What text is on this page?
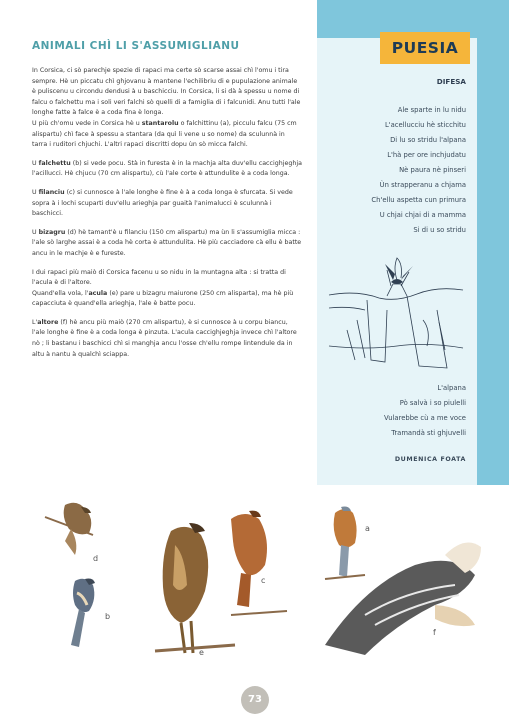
ANIMALI CHÌ LI S'ASSUMIGLIANU

In Corsica, ci sò parechje spezie di rapaci ma certe sò scarse assai chì l'omu i tira sempre. Hè un piccatu chì ghjovanu à mantene l'echilibriu di e pupulazione animale è puliscenu u circondu dendusi à u baschicciu. In Corsica, li si dà à spessu u nome di falcu o falchettu ma i soli veri falchi sò quelli di a famiglia di i falcunidi. Anu tutti l'ale longhe fatte à falce è a coda fina è longa.

U più ch'omu vede in Corsica hè u stantarolu o falchittinu (a), picculu falcu (75 cm alispartu) chì face à spessu a stantara (da quì li vene u so nome) da sculunnà in tarra i ruditori chjuchi. L'altri rapaci discritti dopu ùn sò micca falchi.

U falchettu (b) si vede pocu. Stà in furesta è in la machja alta duv'ellu caccighjeghja l'acillucci. Hè chjucu (70 cm alispartu), cù l'ale corte è attundulite è a coda longa.

U filanciu (c) si cunnosce à l'ale longhe è fine è à a coda longa è sfurcata. Si vede sopra à i lochi scuparti duv'ellu arieghja par guaità l'animalucci è sculunnà i baschicci.

U bizagru (d) hè tamant'è u filanciu (150 cm alispartu) ma ùn li s'assumiglia micca : l'ale sò larghe assai è a coda hè corta è attundulita. Hè più cacciadore cà ellu è batte ancu in le machje è e fureste.

I dui rapaci più maiò di Corsica facenu u so nidu in la muntagna alta : si tratta di l'acula è di l'altore.

Quand'ella vola, l'acula (e) pare u bizagru maiurone (250 cm alisparta), ma hè più capacciuta è quand'ella arieghja, l'ale è batte pocu.

L'altore (f) hè ancu più maiò (270 cm alispartu), è si cunnosce à u corpu biancu, l'ale longhe è fine è a coda longa è pinzuta. L'acula caccighjeghja invece chì l'altore nò ; li bastanu i baschicci chì si manghja ancu l'osse ch'ellu rompe lintendule da in altu à nantu à qualchì sciappa.

PUESIA
DIFESA
Ale sparte in lu nidu
L'acellucciu hè sticchitu
Di lu so stridu l'alpana
L'hà per ore inchjudatu
Nè paura nè pinseri
Ùn strapperanu a chjama
Ch'ellu aspetta cun primura
U chjai chjai di a mamma
Si di u so stridu
L'alpana
Pò salvà i so piulelli
Vularebbe cù a me voce
Tramandà sti ghjuvelli
DUMENICA FOATA
a
b
c
d
e
f
73
